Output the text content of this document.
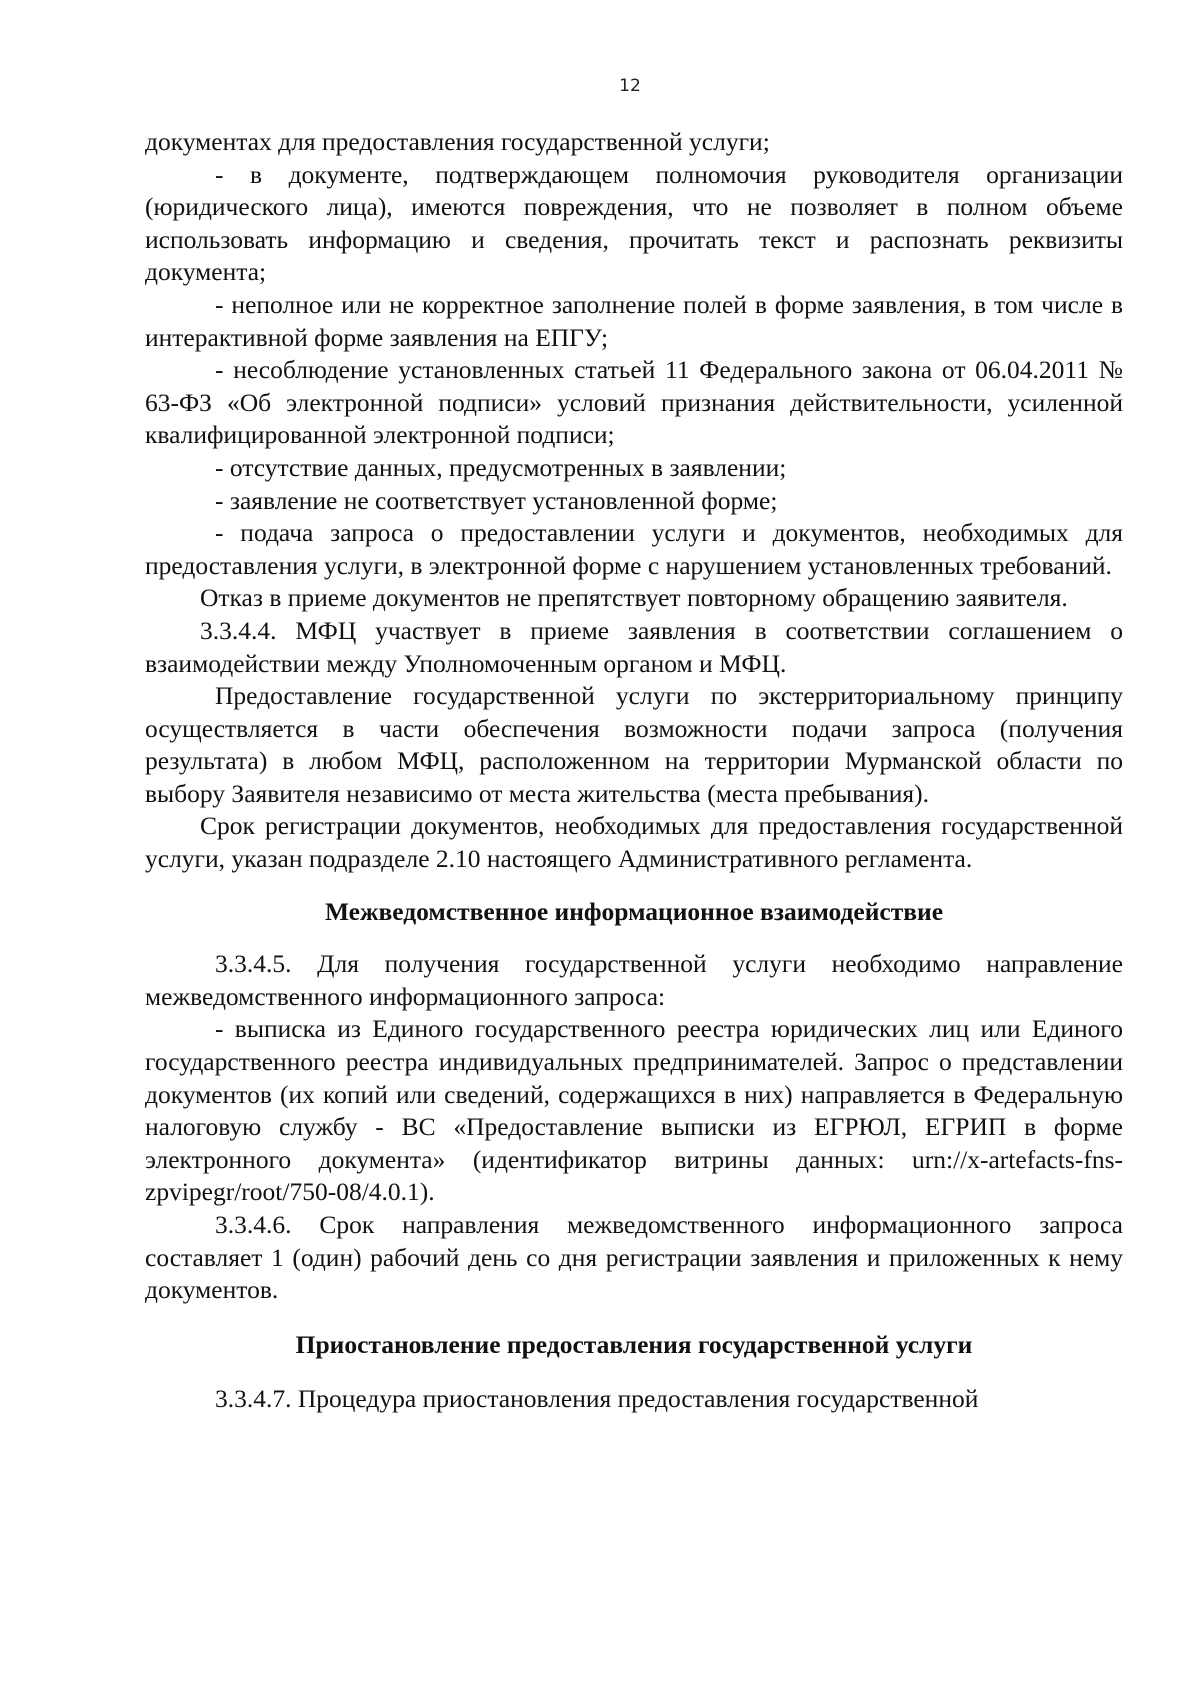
12

документах для предоставления государственной услуги;

- в документе, подтверждающем полномочия руководителя организации (юридического лица), имеются повреждения, что не позволяет в полном объеме использовать информацию и сведения, прочитать текст и распознать реквизиты документа;

- неполное или не корректное заполнение полей в форме заявления, в том числе в интерактивной форме заявления на ЕПГУ;

- несоблюдение установленных статьей 11 Федерального закона от 06.04.2011 № 63-ФЗ «Об электронной подписи» условий признания действительности, усиленной квалифицированной электронной подписи;

- отсутствие данных, предусмотренных в заявлении;

- заявление не соответствует установленной форме;

- подача запроса о предоставлении услуги и документов, необходимых для предоставления услуги, в электронной форме с нарушением установленных требований.

Отказ в приеме документов не препятствует повторному обращению заявителя.

3.3.4.4. МФЦ участвует в приеме заявления в соответствии соглашением о взаимодействии между Уполномоченным органом и МФЦ.

Предоставление государственной услуги по экстерриториальному принципу осуществляется в части обеспечения возможности подачи запроса (получения результата) в любом МФЦ, расположенном на территории Мурманской области по выбору Заявителя независимо от места жительства (места пребывания).

Срок регистрации документов, необходимых для предоставления государственной услуги, указан подразделе 2.10 настоящего Административного регламента.

Межведомственное информационное взаимодействие

3.3.4.5. Для получения государственной услуги необходимо направление межведомственного информационного запроса:

- выписка из Единого государственного реестра юридических лиц или Единого государственного реестра индивидуальных предпринимателей. Запрос о представлении документов (их копий или сведений, содержащихся в них) направляется в Федеральную налоговую службу - ВС «Предоставление выписки из ЕГРЮЛ, ЕГРИП в форме электронного документа» (идентификатор витрины данных: urn://x-artefacts-fns-zpvipegr/root/750-08/4.0.1).

3.3.4.6. Срок направления межведомственного информационного запроса составляет 1 (один) рабочий день со дня регистрации заявления и приложенных к нему документов.

Приостановление предоставления государственной услуги

3.3.4.7. Процедура приостановления предоставления государственной
